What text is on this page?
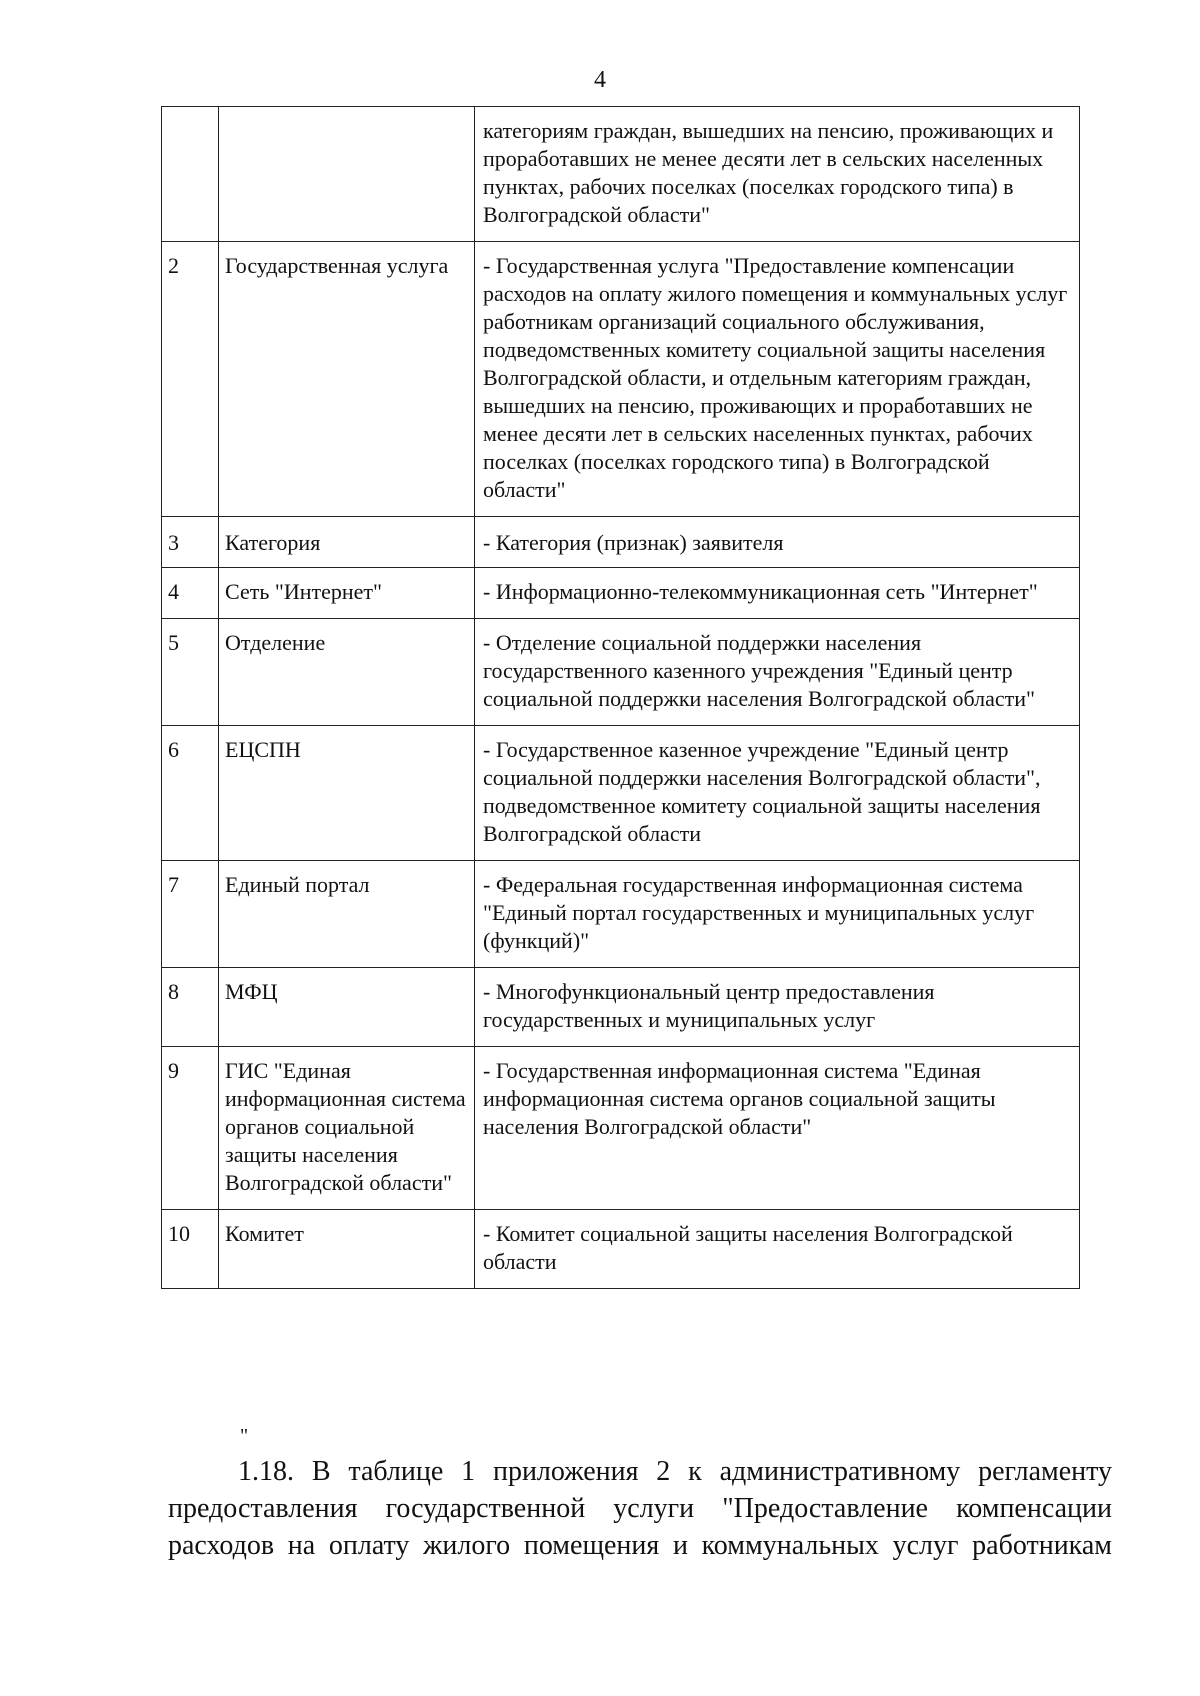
4
		категориям граждан, вышедших на пенсию, проживающих и проработавших не менее десяти лет в сельских населенных пунктах, рабочих поселках (поселках городского типа) в Волгоградской области"
2	Государственная услуга	- Государственная услуга "Предоставление компенсации расходов на оплату жилого помещения и коммунальных услуг работникам организаций социального обслуживания, подведомственных комитету социальной защиты населения Волгоградской области, и отдельным категориям граждан, вышедших на пенсию, проживающих и проработавших не менее десяти лет в сельских населенных пунктах, рабочих поселках (поселках городского типа) в Волгоградской области"
3	Категория	- Категория (признак) заявителя
4	Сеть "Интернет"	- Информационно-телекоммуникационная сеть "Интернет"
5	Отделение	- Отделение социальной поддержки населения государственного казенного учреждения "Единый центр социальной поддержки населения Волгоградской области"
6	ЕЦСПН	- Государственное казенное учреждение "Единый центр социальной поддержки населения Волгоградской области", подведомственное комитету социальной защиты населения Волгоградской области
7	Единый портал	- Федеральная государственная информационная система "Единый портал государственных и муниципальных услуг (функций)"
8	МФЦ	- Многофункциональный центр предоставления государственных и муниципальных услуг
9	ГИС "Единая информационная система органов социальной защиты населения Волгоградской области"	- Государственная информационная система "Единая информационная система органов социальной защиты населения Волгоградской области"
10	Комитет	- Комитет социальной защиты населения Волгоградской области
"
1.18. В таблице 1 приложения 2 к административному регламенту
предоставления государственной услуги "Предоставление компенсации
расходов на оплату жилого помещения и коммунальных услуг работникам
